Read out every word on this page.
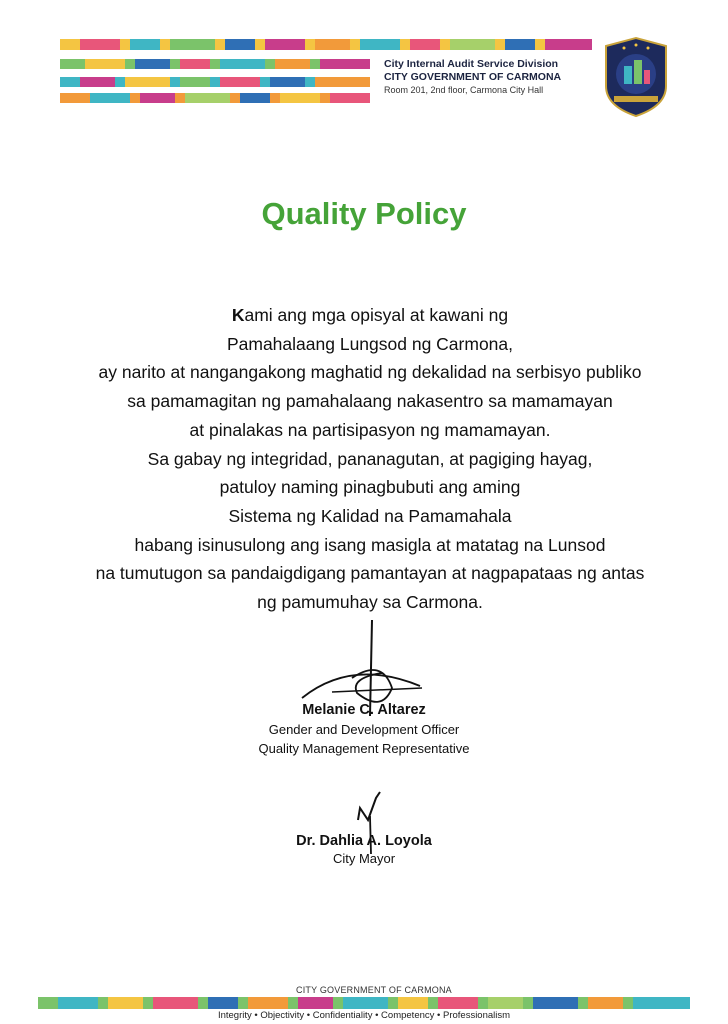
City Internal Audit Service Division
CITY GOVERNMENT OF CARMONA
Room 201, 2nd floor, Carmona City Hall
Quality Policy
Kami ang mga opisyal at kawani ng
Pamahalaang Lungsod ng Carmona,
ay narito at nangangakong maghatid ng dekalidad na serbisyo publiko
sa pamamagitan ng pamahalaang nakasentro sa mamamayan
at pinalakas na partisipasyon ng mamamayan.
Sa gabay ng integridad, pananagutan, at pagiging hayag,
patuloy naming pinagbubuti ang aming
Sistema ng Kalidad na Pamamahala
habang isinusulong ang isang masigla at matatag na Lunsod
na tumutugon sa pandaigdigang pamantayan at nagpapataas ng antas
ng pamumuhay sa Carmona.
Melanie C. Altarez
Gender and Development Officer
Quality Management Representative
Dr. Dahlia A. Loyola
City Mayor
CITY GOVERNMENT OF CARMONA
Integrity • Objectivity • Confidentiality • Competency • Professionalism
